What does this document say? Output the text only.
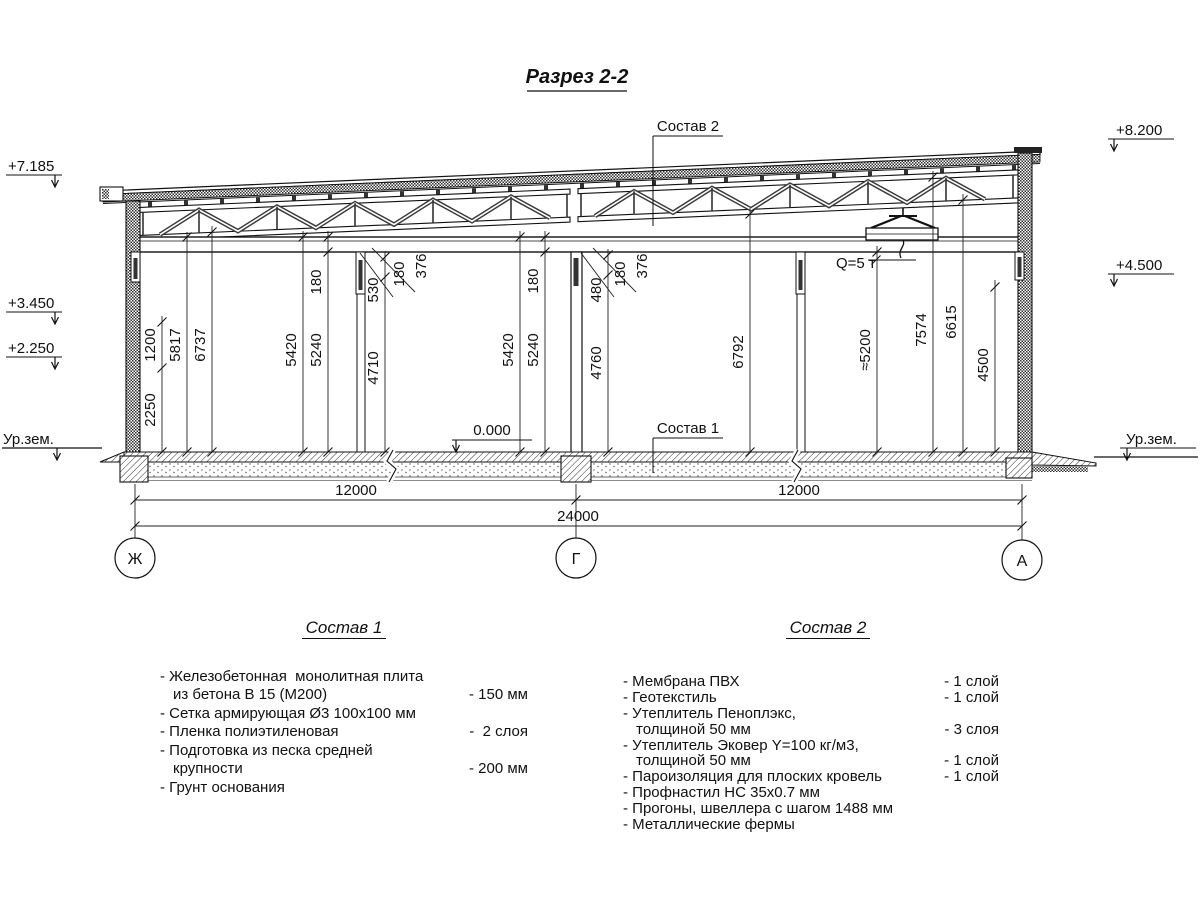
Q=5 т
1200
2250
5817 6737	5420 5240
180	530
4710
180 376
5420 5240
180	480
4760
180 376
6792	≈5200	7574 6615
4500
12000	12000
24000
Ж	Г	А
+7.185
+3.450
+2.250
Ур.зем.
+8.200
+4.500
Ур.зем.
0.000
Состав 2
Состав 1
Разрез 2-2
Состав 1
- Железобетонная  монолитная плита
из бетона В 15 (М200)	- 150 мм
- Сетка армирующая Ø3 100x100 мм
- Пленка полиэтиленовая	-  2 слоя
- Подготовка из песка средней
крупности	- 200 мм
- Грунт основания
Состав 2
- Мембрана ПВХ	- 1 слой
- Геотекстиль	- 1 слой
- Утеплитель Пеноплэкс,
толщиной 50 мм	- 3 слоя
- Утеплитель Эковер Y=100 кг/м3,
толщиной 50 мм	- 1 слой
- Пароизоляция для плоских кровель	- 1 слой
- Профнастил НС 35x0.7 мм
- Прогоны, швеллера с шагом 1488 мм
- Металлические фермы
